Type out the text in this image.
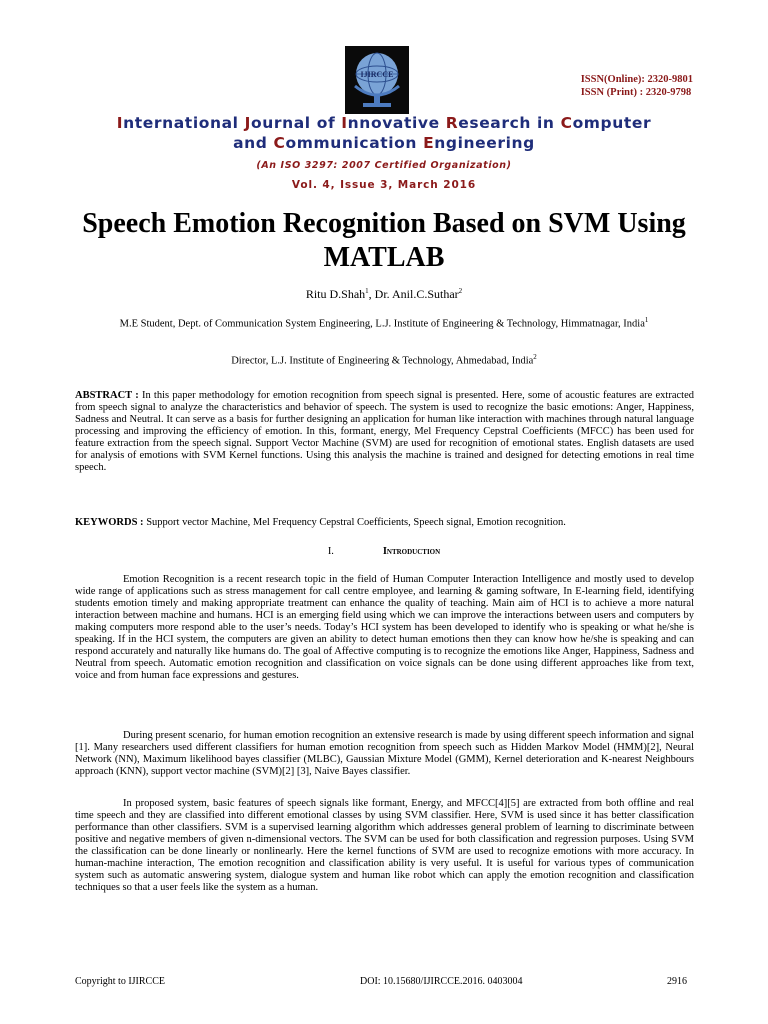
IJIRCCE	ISSN(Online): 2320-9801
ISSN (Print) : 2320-9798
International Journal of Innovative Research in Computer
and Communication Engineering
(An ISO 3297: 2007 Certified Organization)
Vol. 4, Issue 3, March 2016
Speech Emotion Recognition Based on SVM Using MATLAB
Ritu D.Shah$^1$, Dr. Anil.C.Suthar$^2$
M.E Student, Dept. of Communication System Engineering, L.J. Institute of Engineering & Technology, Himmatnagar, India$^1$
Director, L.J. Institute of Engineering & Technology, Ahmedabad, India$^2$

ABSTRACT : In this paper methodology for emotion recognition from speech signal is presented. Here, some of acoustic features are extracted from speech signal to analyze the characteristics and behavior of speech. The system is used to recognize the basic emotions: Anger, Happiness, Sadness and Neutral. It can serve as a basis for further designing an application for human like interaction with machines through natural language processing and improving the efficiency of emotion. In this, formant, energy, Mel Frequency Cepstral Coefficients (MFCC) has been used for feature extraction from the speech signal. Support Vector Machine (SVM) are used for recognition of emotional states. English datasets are used for analysis of emotions with SVM Kernel functions. Using this analysis the machine is trained and designed for detecting emotions in real time speech.

KEYWORDS : Support vector Machine, Mel Frequency Cepstral Coefficients, Speech signal, Emotion recognition.

I.	Introduction

Emotion Recognition is a recent research topic in the field of Human Computer Interaction Intelligence and mostly used to develop wide range of applications such as stress management for call centre employee, and learning & gaming software, In E-learning field, identifying students emotion timely and making appropriate treatment can enhance the quality of teaching. Main aim of HCI is to achieve a more natural interaction between machine and humans. HCI is an emerging field using which we can improve the interactions between users and computers by making computers more respond able to the user’s needs. Today’s HCI system has been developed to identify who is speaking or what he/she is speaking. If in the HCI system, the computers are given an ability to detect human emotions then they can know how he/she is speaking and can respond accurately and naturally like humans do. The goal of Affective computing is to recognize the emotions like Anger, Happiness, Sadness and Neutral from speech. Automatic emotion recognition and classification on voice signals can be done using different approaches like from text, voice and from human face expressions and gestures.

During present scenario, for human emotion recognition an extensive research is made by using different speech information and signal [1]. Many researchers used different classifiers for human emotion recognition from speech such as Hidden Markov Model (HMM)[2], Neural Network (NN), Maximum likelihood bayes classifier (MLBC), Gaussian Mixture Model (GMM), Kernel deterioration and K-nearest Neighbours approach (KNN), support vector machine (SVM)[2] [3], Naive Bayes classifier.

In proposed system, basic features of speech signals like formant, Energy, and MFCC[4][5] are extracted from both offline and real time speech and they are classified into different emotional classes by using SVM classifier. Here, SVM is used since it has better classification performance than other classifiers. SVM is a supervised learning algorithm which addresses general problem of learning to discriminate between positive and negative members of given n-dimensional vectors. The SVM can be used for both classification and regression purposes. Using SVM the classification can be done linearly or nonlinearly. Here the kernel functions of SVM are used to recognize emotions with more accuracy. In human-machine interaction, The emotion recognition and classification ability is very useful. It is useful for various types of communication system such as automatic answering system, dialogue system and human like robot which can apply the emotion recognition and classification techniques so that a user feels like the system as a human.

Copyright to IJIRCCE	DOI: 10.15680/IJIRCCE.2016. 0403004	2916
